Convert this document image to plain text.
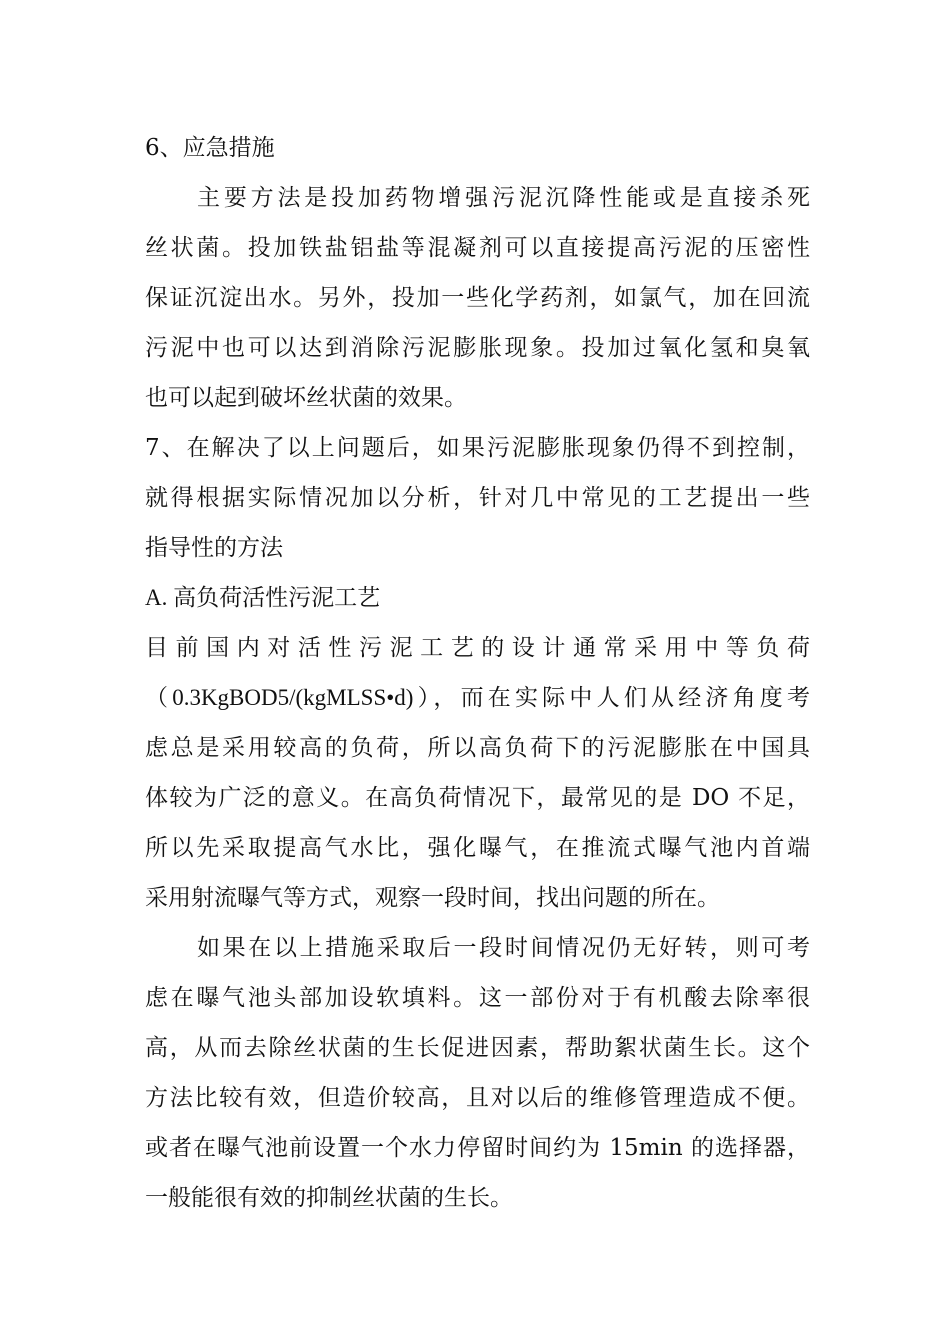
6、应急措施
主要方法是投加药物增强污泥沉降性能或是直接杀死
丝状菌。投加铁盐铝盐等混凝剂可以直接提高污泥的压密性
保证沉淀出水。另外，投加一些化学药剂，如氯气，加在回流
污泥中也可以达到消除污泥膨胀现象。投加过氧化氢和臭氧
也可以起到破坏丝状菌的效果。
7、在解决了以上问题后，如果污泥膨胀现象仍得不到控制，
就得根据实际情况加以分析，针对几中常见的工艺提出一些
指导性的方法
A. 高负荷活性污泥工艺
目前国内对活性污泥工艺的设计通常采用中等负荷
（0.3KgBOD5/(kgMLSS•d)），而在实际中人们从经济角度考
虑总是采用较高的负荷，所以高负荷下的污泥膨胀在中国具
体较为广泛的意义。在高负荷情况下，最常见的是 DO 不足，
所以先采取提高气水比，强化曝气，在推流式曝气池内首端
采用射流曝气等方式，观察一段时间，找出问题的所在。
如果在以上措施采取后一段时间情况仍无好转，则可考
虑在曝气池头部加设软填料。这一部份对于有机酸去除率很
高，从而去除丝状菌的生长促进因素，帮助絮状菌生长。这个
方法比较有效，但造价较高，且对以后的维修管理造成不便。
或者在曝气池前设置一个水力停留时间约为 15min 的选择器，
一般能很有效的抑制丝状菌的生长。
